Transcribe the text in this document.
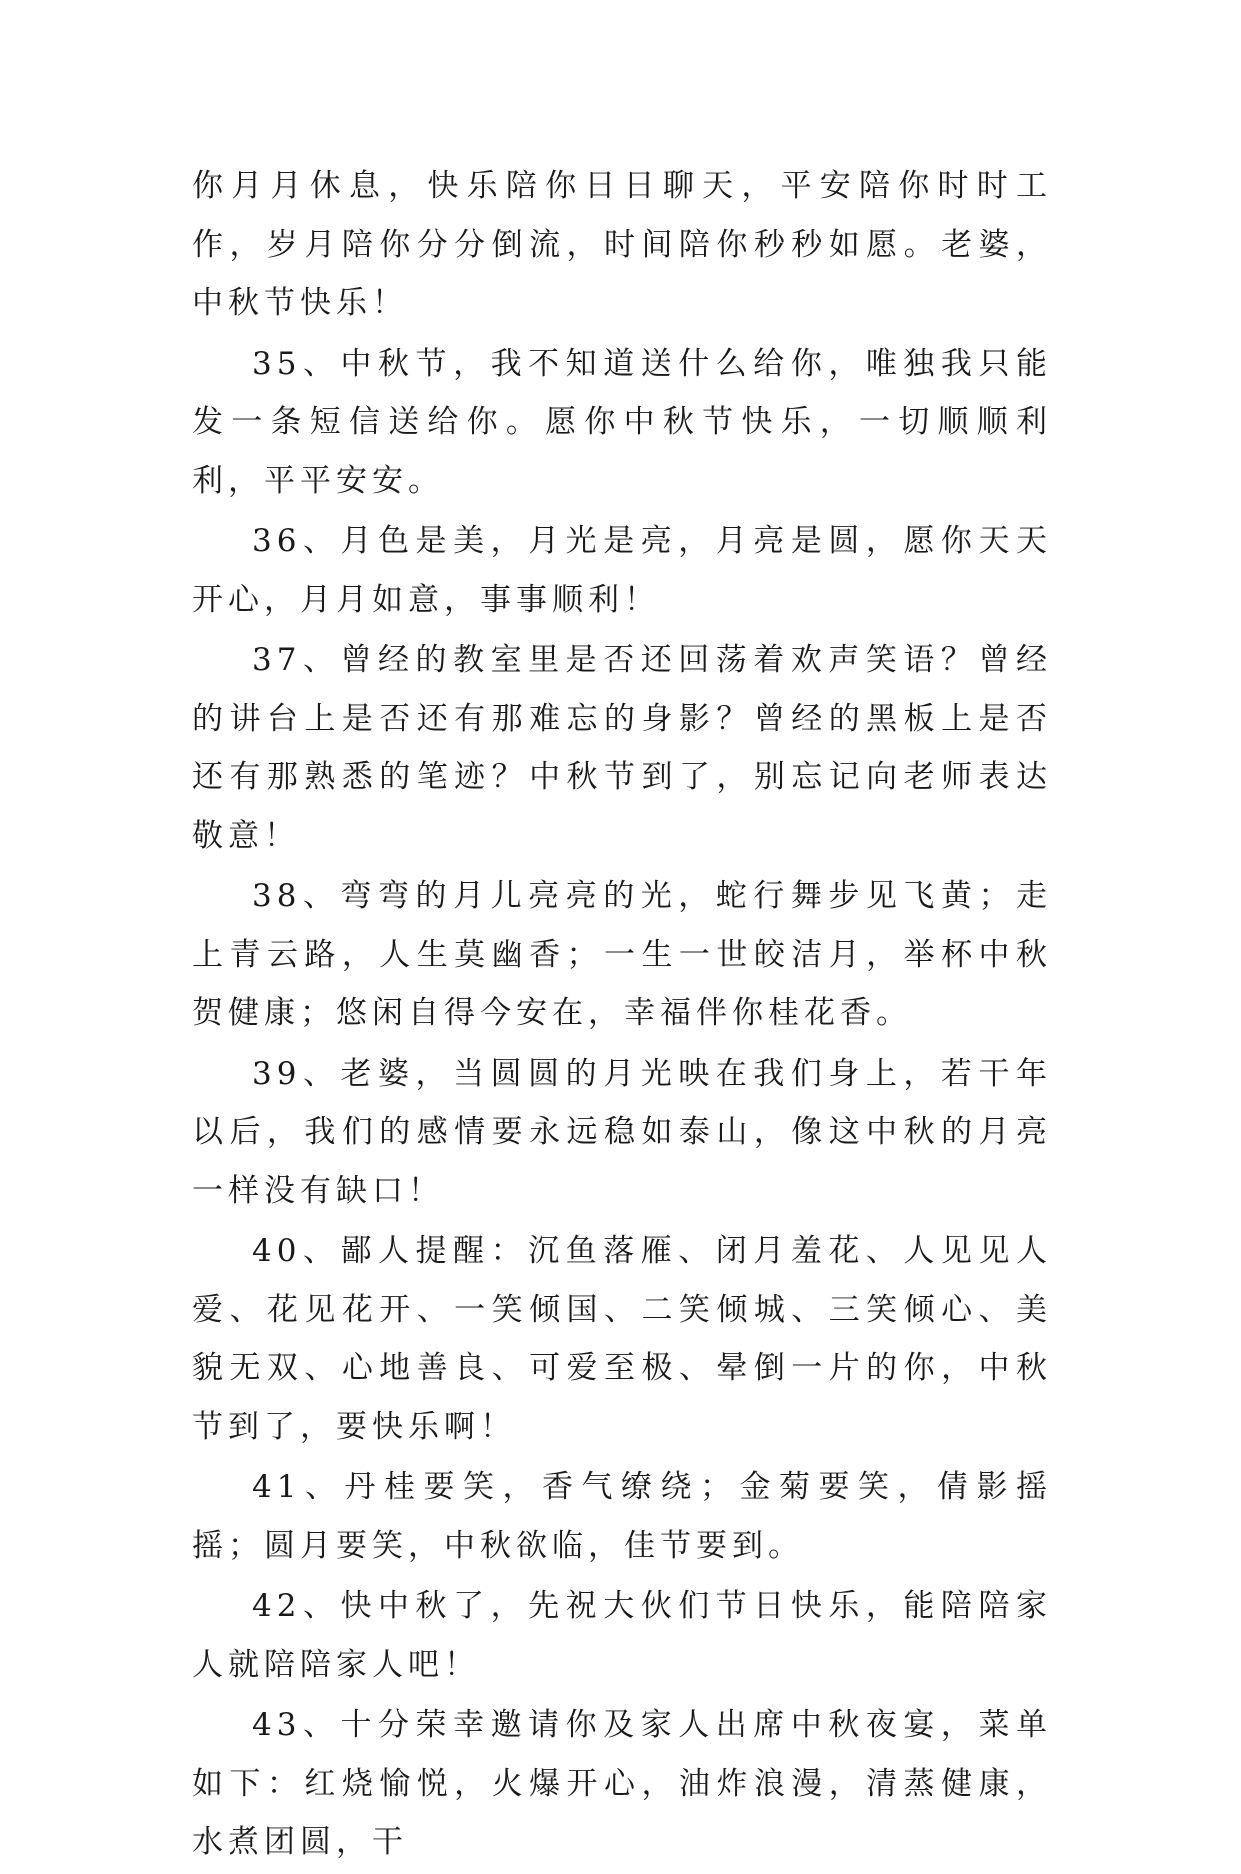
你月月休息，快乐陪你日日聊天，平安陪你时时工作，岁月陪你分分倒流，时间陪你秒秒如愿。老婆，中秋节快乐！

35、中秋节，我不知道送什么给你，唯独我只能发一条短信送给你。愿你中秋节快乐，一切顺顺利利，平平安安。

36、月色是美，月光是亮，月亮是圆，愿你天天开心，月月如意，事事顺利！

37、曾经的教室里是否还回荡着欢声笑语？曾经的讲台上是否还有那难忘的身影？曾经的黑板上是否还有那熟悉的笔迹？中秋节到了，别忘记向老师表达敬意！

38、弯弯的月儿亮亮的光，蛇行舞步见飞黄；走上青云路，人生莫幽香；一生一世皎洁月，举杯中秋贺健康；悠闲自得今安在，幸福伴你桂花香。

39、老婆，当圆圆的月光映在我们身上，若干年以后，我们的感情要永远稳如泰山，像这中秋的月亮一样没有缺口！

40、鄙人提醒：沉鱼落雁、闭月羞花、人见见人爱、花见花开、一笑倾国、二笑倾城、三笑倾心、美貌无双、心地善良、可爱至极、晕倒一片的你，中秋节到了，要快乐啊！

41、丹桂要笑，香气缭绕；金菊要笑，倩影摇摇；圆月要笑，中秋欲临，佳节要到。

42、快中秋了，先祝大伙们节日快乐，能陪陪家人就陪陪家人吧！

43、十分荣幸邀请你及家人出席中秋夜宴，菜单如下：红烧愉悦，火爆开心，油炸浪漫，清蒸健康，水煮团圆，干
